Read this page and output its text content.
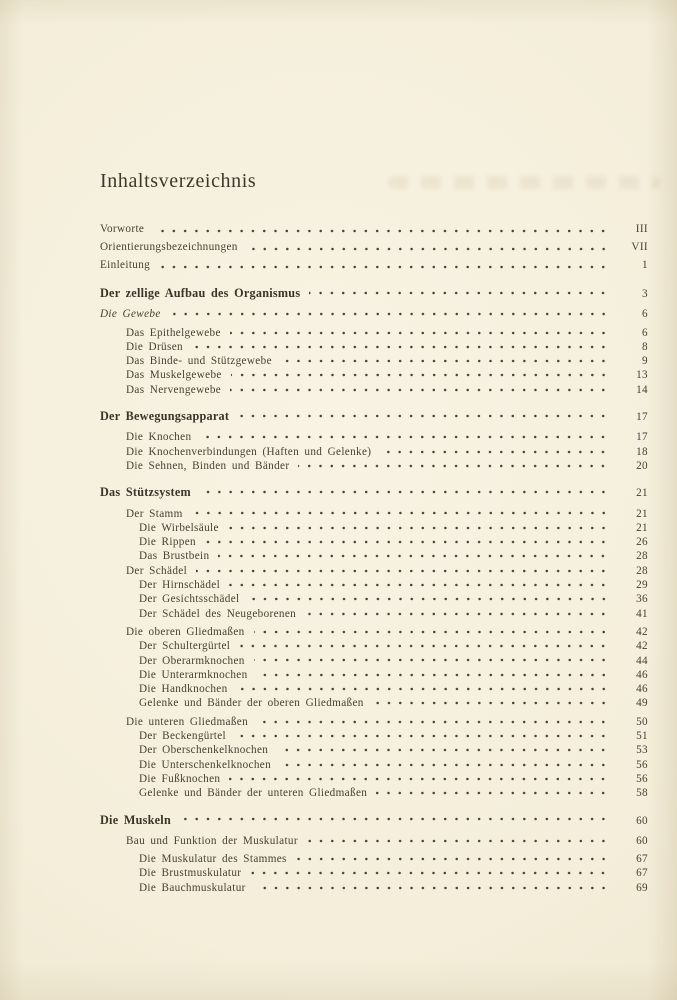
Inhaltsverzeichnis
Vorworte	III
Orientierungsbezeichnungen	VII
Einleitung	1
Der zellige Aufbau des Organismus	3
Die Gewebe	6
Das Epithelgewebe	6
Die Drüsen	8
Das Binde- und Stützgewebe	9
Das Muskelgewebe	13
Das Nervengewebe	14
Der Bewegungsapparat	17
Die Knochen	17
Die Knochenverbindungen (Haften und Gelenke)	18
Die Sehnen, Binden und Bänder	20
Das Stützsystem	21
Der Stamm	21
Die Wirbelsäule	21
Die Rippen	26
Das Brustbein	28
Der Schädel	28
Der Hirnschädel	29
Der Gesichtsschädel	36
Der Schädel des Neugeborenen	41
Die oberen Gliedmaßen	42
Der Schultergürtel	42
Der Oberarmknochen	44
Die Unterarmknochen	46
Die Handknochen	46
Gelenke und Bänder der oberen Gliedmaßen	49
Die unteren Gliedmaßen	50
Der Beckengürtel	51
Der Oberschenkelknochen	53
Die Unterschenkelknochen	56
Die Fußknochen	56
Gelenke und Bänder der unteren Gliedmaßen	58
Die Muskeln	60
Bau und Funktion der Muskulatur	60
Die Muskulatur des Stammes	67
Die Brustmuskulatur	67
Die Bauchmuskulatur	69
